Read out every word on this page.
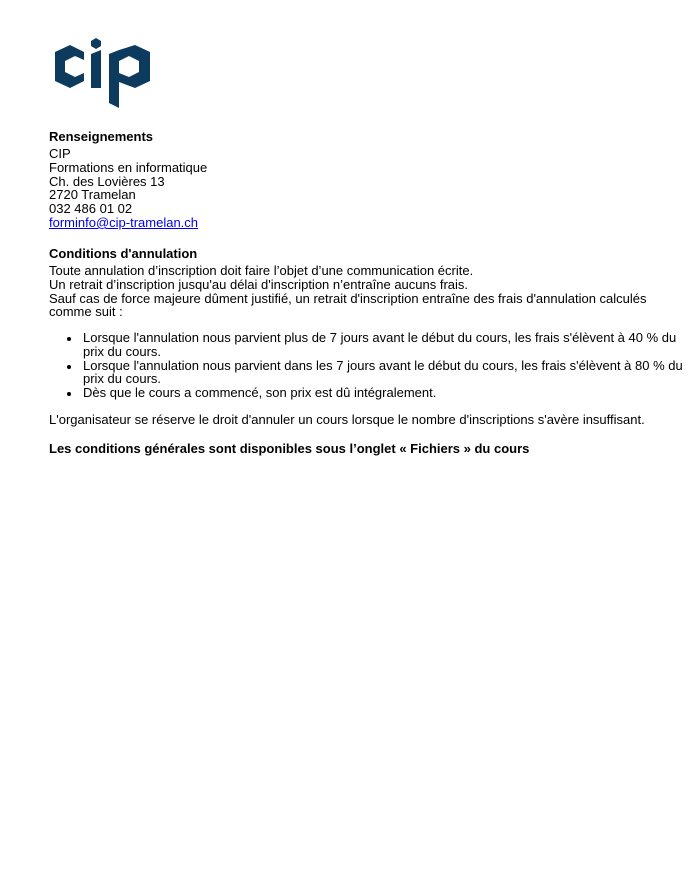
Renseignements
CIP
Formations en informatique
Ch. des Lovières 13
2720 Tramelan
032 486 01 02
forminfo@cip-tramelan.ch
Conditions d'annulation
Toute annulation d’inscription doit faire l’objet d’une communication écrite.
Un retrait d’inscription jusqu'au délai d'inscription n’entraîne aucuns frais.
Sauf cas de force majeure dûment justifié, un retrait d'inscription entraîne des frais d'annulation calculés
comme suit :
Lorsque l'annulation nous parvient plus de 7 jours avant le début du cours, les frais s'élèvent à 40 % du
prix du cours.
Lorsque l'annulation nous parvient dans les 7 jours avant le début du cours, les frais s'élèvent à 80 % du
prix du cours.
Dès que le cours a commencé, son prix est dû intégralement.
L'organisateur se réserve le droit d'annuler un cours lorsque le nombre d'inscriptions s'avère insuffisant.
Les conditions générales sont disponibles sous l’onglet « Fichiers » du cours
